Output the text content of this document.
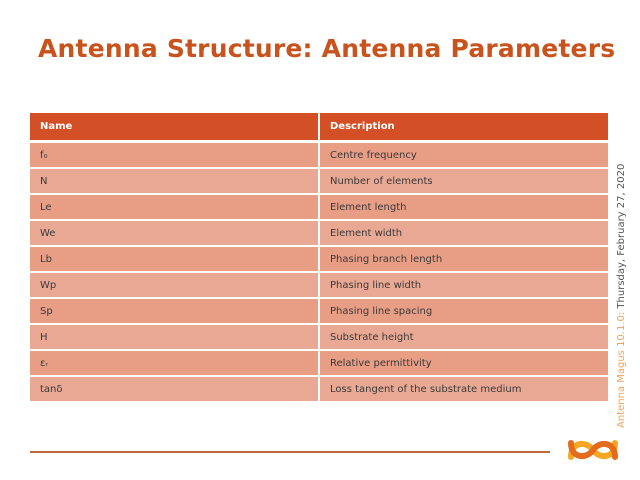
Antenna Structure: Antenna Parameters
Name	Description
f₀	Centre frequency
N	Number of elements
Le	Element length
We	Element width
Lb	Phasing branch length
Wp	Phasing line width
Sp	Phasing line spacing
H	Substrate height
εᵣ	Relative permittivity
tanδ	Loss tangent of the substrate medium	Antenna Magus 10.1.0: Thursday, February 27, 2020
